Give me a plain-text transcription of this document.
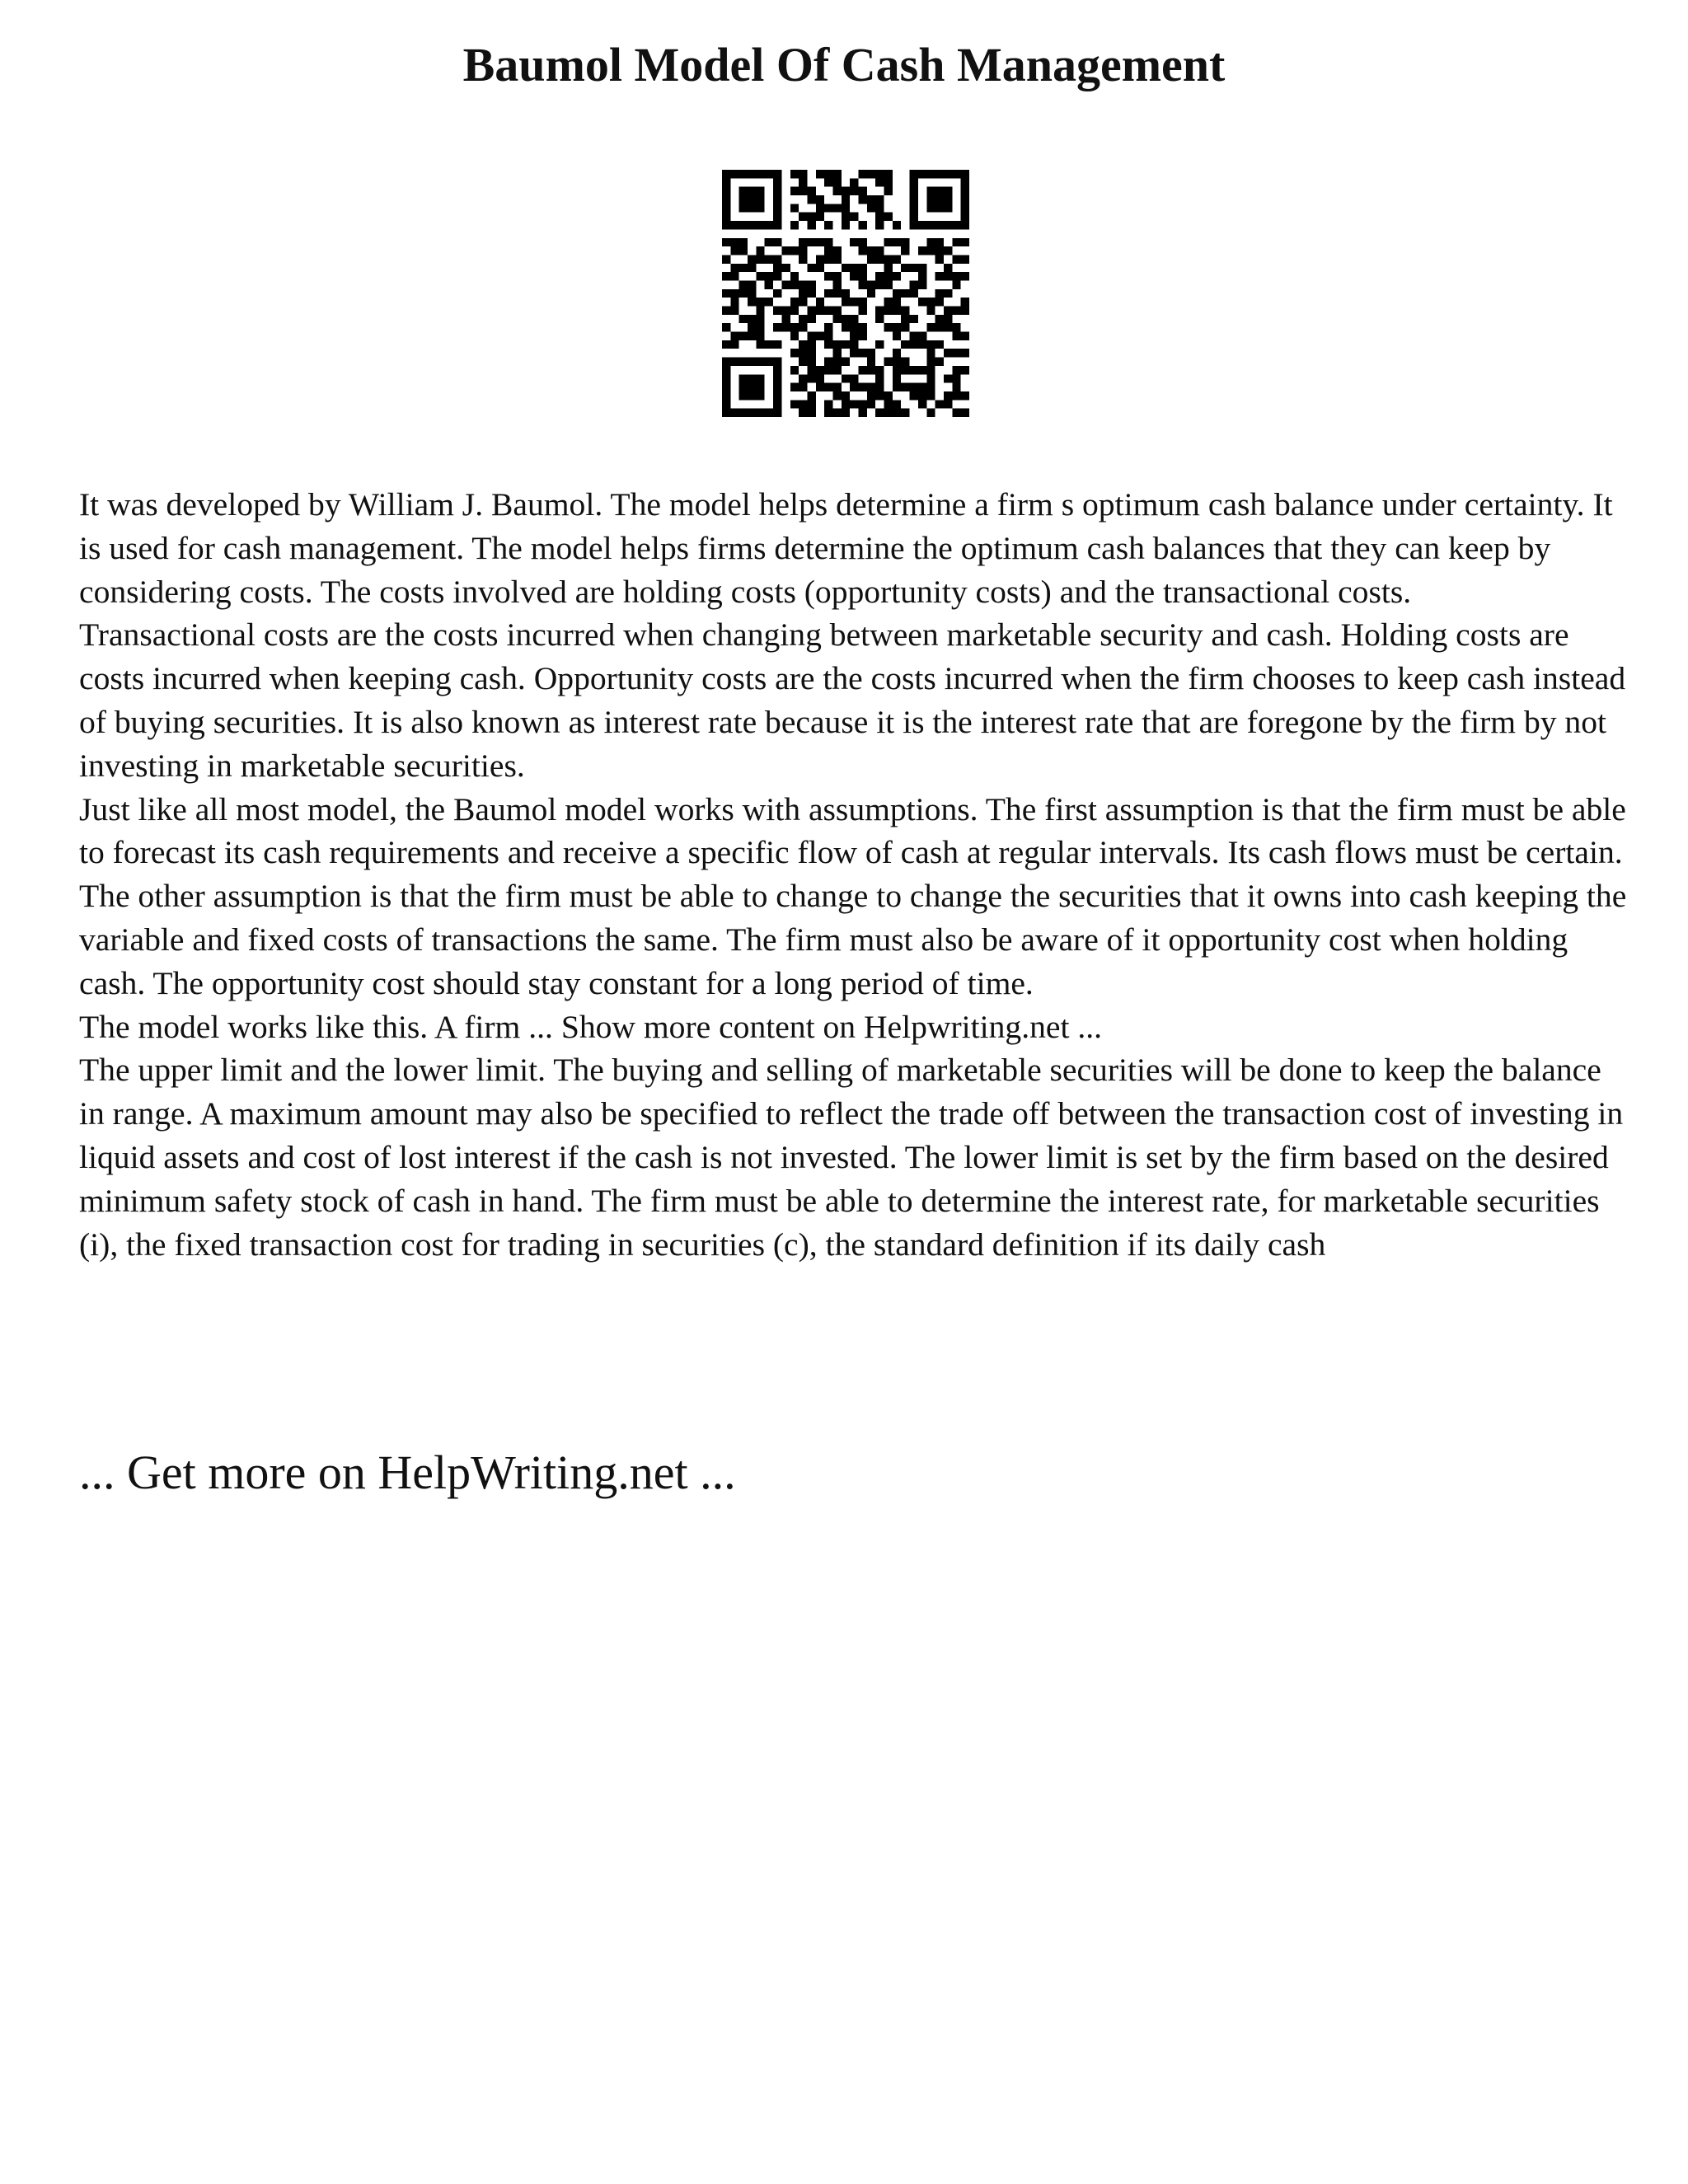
Baumol Model Of Cash Management

It was developed by William J. Baumol. The model helps determine a firm s optimum cash balance under certainty. It is used for cash management. The model helps firms determine the optimum cash balances that they can keep by considering costs. The costs involved are holding costs (opportunity costs) and the transactional costs.

Transactional costs are the costs incurred when changing between marketable security and cash. Holding costs are costs incurred when keeping cash. Opportunity costs are the costs incurred when the firm chooses to keep cash instead of buying securities. It is also known as interest rate because it is the interest rate that are foregone by the firm by not investing in marketable securities.

Just like all most model, the Baumol model works with assumptions. The first assumption is that the firm must be able to forecast its cash requirements and receive a specific flow of cash at regular intervals. Its cash flows must be certain. The other assumption is that the firm must be able to change to change the securities that it owns into cash keeping the variable and fixed costs of transactions the same. The firm must also be aware of it opportunity cost when holding cash. The opportunity cost should stay constant for a long period of time.

The model works like this. A firm ... Show more content on Helpwriting.net ...

The upper limit and the lower limit. The buying and selling of marketable securities will be done to keep the balance in range. A maximum amount may also be specified to reflect the trade off between the transaction cost of investing in liquid assets and cost of lost interest if the cash is not invested. The lower limit is set by the firm based on the desired minimum safety stock of cash in hand. The firm must be able to determine the interest rate, for marketable securities (i), the fixed transaction cost for trading in securities (c), the standard definition if its daily cash

... Get more on HelpWriting.net ...
